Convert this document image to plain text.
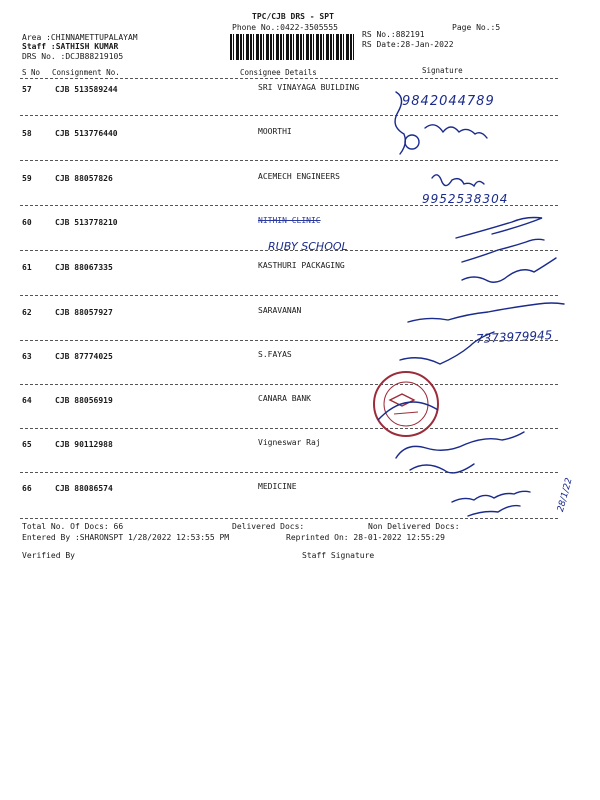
TPC/CJB DRS - SPT
Phone No.:0422-3505555	Page No.:5
Area :CHINNAMETTUPALAYAM
Staff :SATHISH KUMAR
DRS No. :DCJB88219105
RS No.:882191
RS Date:28-Jan-2022
S No Consignment No.	Consignee Details	Signature
57	CJB 513589244	SRI VINAYAGA BUILDING
58	CJB 513776440	MOORTHI
59	CJB 88057826	ACEMECH ENGINEERS
60	CJB 513778210	NITHIN CLINIC
61	CJB 88067335	KASTHURI PACKAGING
62	CJB 88057927	SARAVANAN
63	CJB 87774025	S.FAYAS
64	CJB 88056919	CANARA BANK
65	CJB 90112988	Vigneswar Raj
66	CJB 88086574	MEDICINE
9842044789
9952538304
RUBY SCHOOL
7373979945
28/1/22
Total No. Of Docs: 66	Delivered Docs:	Non Delivered Docs:
Entered By :SHARONSPT 1/28/2022 12:53:55 PM	Reprinted On: 28-01-2022 12:55:29
Verified By	Staff Signature
